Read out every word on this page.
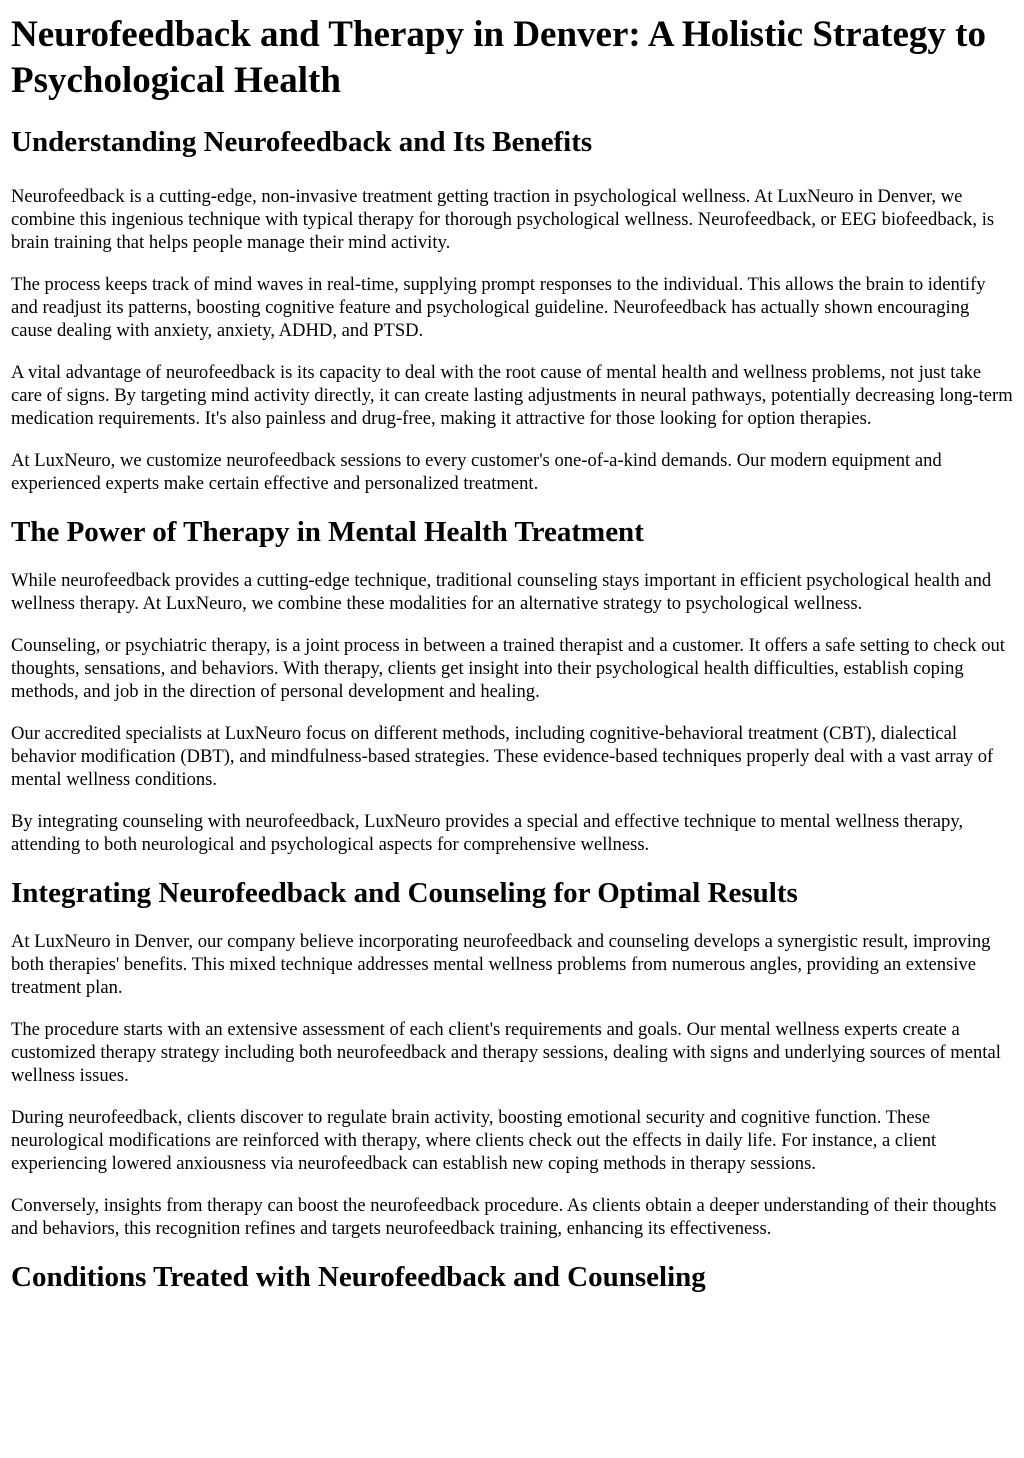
Neurofeedback and Therapy in Denver: A Holistic Strategy to Psychological Health
Understanding Neurofeedback and Its Benefits

Neurofeedback is a cutting-edge, non-invasive treatment getting traction in psychological wellness. At LuxNeuro in Denver, we combine this ingenious technique with typical therapy for thorough psychological wellness. Neurofeedback, or EEG biofeedback, is brain training that helps people manage their mind activity.

The process keeps track of mind waves in real-time, supplying prompt responses to the individual. This allows the brain to identify and readjust its patterns, boosting cognitive feature and psychological guideline. Neurofeedback has actually shown encouraging cause dealing with anxiety, anxiety, ADHD, and PTSD.

A vital advantage of neurofeedback is its capacity to deal with the root cause of mental health and wellness problems, not just take care of signs. By targeting mind activity directly, it can create lasting adjustments in neural pathways, potentially decreasing long-term medication requirements. It's also painless and drug-free, making it attractive for those looking for option therapies.

At LuxNeuro, we customize neurofeedback sessions to every customer's one-of-a-kind demands. Our modern equipment and experienced experts make certain effective and personalized treatment.

The Power of Therapy in Mental Health Treatment

While neurofeedback provides a cutting-edge technique, traditional counseling stays important in efficient psychological health and wellness therapy. At LuxNeuro, we combine these modalities for an alternative strategy to psychological wellness.

Counseling, or psychiatric therapy, is a joint process in between a trained therapist and a customer. It offers a safe setting to check out thoughts, sensations, and behaviors. With therapy, clients get insight into their psychological health difficulties, establish coping methods, and job in the direction of personal development and healing.

Our accredited specialists at LuxNeuro focus on different methods, including cognitive-behavioral treatment (CBT), dialectical behavior modification (DBT), and mindfulness-based strategies. These evidence-based techniques properly deal with a vast array of mental wellness conditions.

By integrating counseling with neurofeedback, LuxNeuro provides a special and effective technique to mental wellness therapy, attending to both neurological and psychological aspects for comprehensive wellness.

Integrating Neurofeedback and Counseling for Optimal Results

At LuxNeuro in Denver, our company believe incorporating neurofeedback and counseling develops a synergistic result, improving both therapies' benefits. This mixed technique addresses mental wellness problems from numerous angles, providing an extensive treatment plan.

The procedure starts with an extensive assessment of each client's requirements and goals. Our mental wellness experts create a customized therapy strategy including both neurofeedback and therapy sessions, dealing with signs and underlying sources of mental wellness issues.

During neurofeedback, clients discover to regulate brain activity, boosting emotional security and cognitive function. These neurological modifications are reinforced with therapy, where clients check out the effects in daily life. For instance, a client experiencing lowered anxiousness via neurofeedback can establish new coping methods in therapy sessions.

Conversely, insights from therapy can boost the neurofeedback procedure. As clients obtain a deeper understanding of their thoughts and behaviors, this recognition refines and targets neurofeedback training, enhancing its effectiveness.

Conditions Treated with Neurofeedback and Counseling
